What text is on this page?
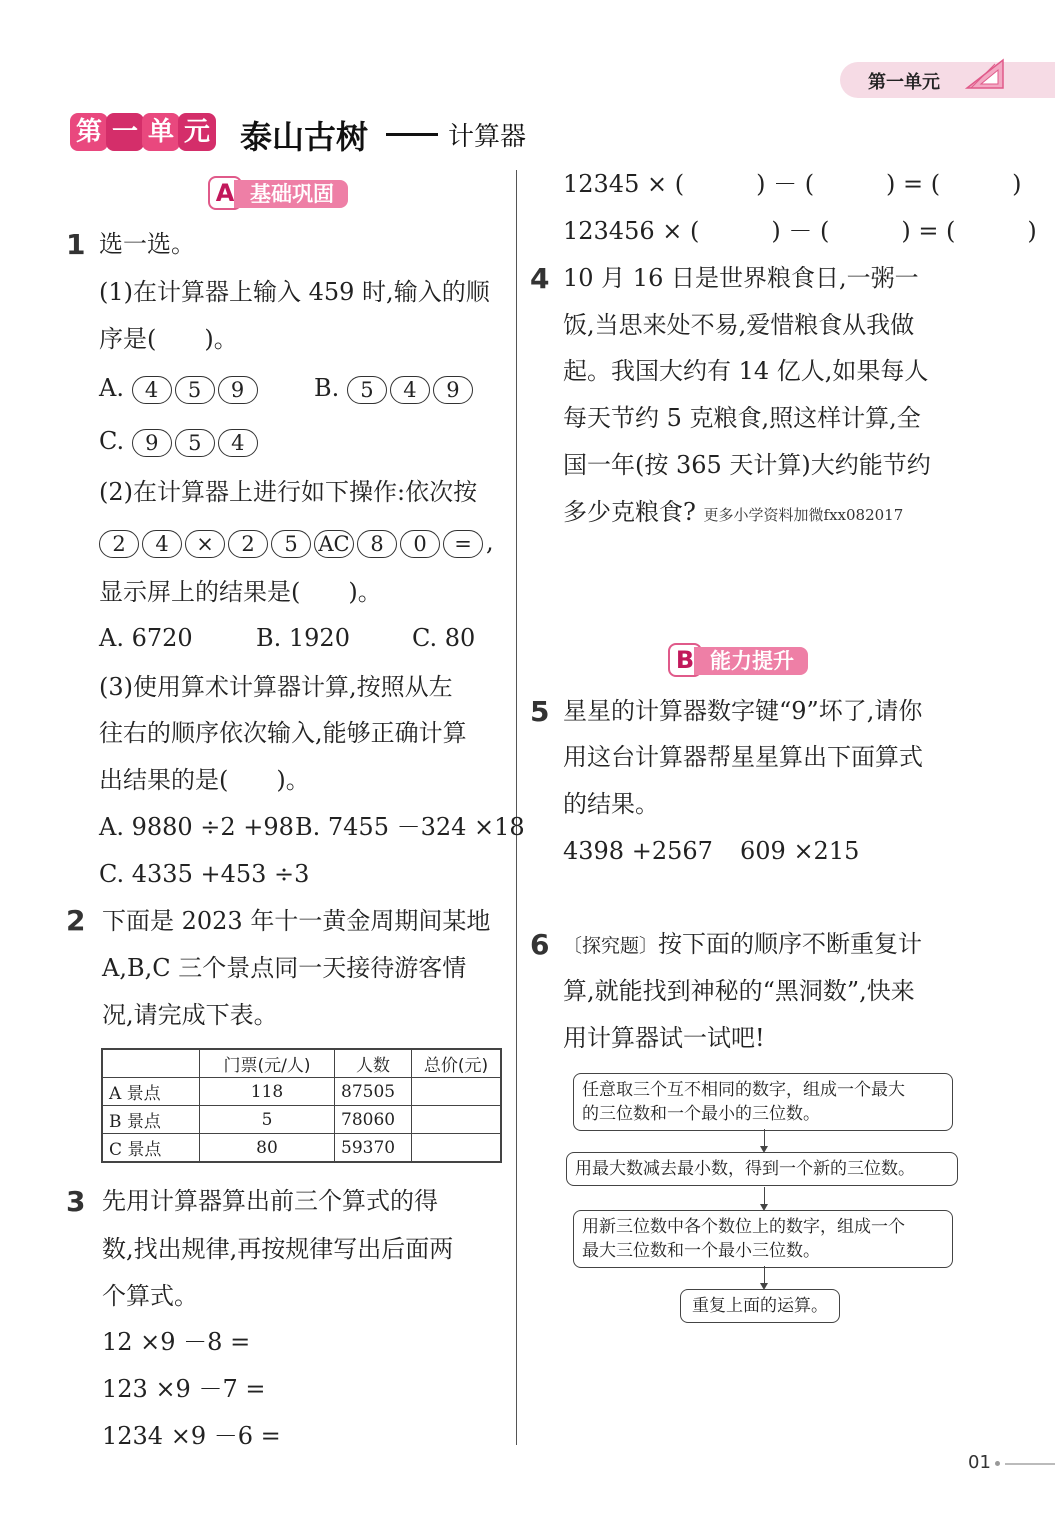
第一单元
第 一 单 元 泰山古树	计算器
A 基础巩固
1 选一选。
(1)在计算器上输入 459 时,输入的顺
序是(　　)。
A. 4 5 9	B. 5 4 9
C. 9 5 4
(2)在计算器上进行如下操作:依次按
2 4 × 2 5 AC 8 0 = ,
显示屏上的结果是(　　)。
A. 6720	B. 1920	C. 80
(3)使用算术计算器计算,按照从左
往右的顺序依次输入,能够正确计算
出结果的是(　　)。
A. 9880 ÷2 +98 B. 7455 －324 ×18
C. 4335 +453 ÷3
2 下面是 2023 年十一黄金周期间某地
A,B,C 三个景点同一天接待游客情
况,请完成下表。
	门票(元/人)	人数	总价(元)
A 景点	118	87505	
B 景点	5	78060	
C 景点	80	59370	
3 先用计算器算出前三个算式的得
数,找出规律,再按规律写出后面两
个算式。
12 ×9 －8 =
123 ×9 －7 =
1234 ×9 －6 =
12345 × (　　　) － (　　　) = (　　　)
123456 × (　　　) － (　　　) = (　　　)
4 10 月 16 日是世界粮食日,一粥一
饭,当思来处不易,爱惜粮食从我做
起。我国大约有 14 亿人,如果每人
每天节约 5 克粮食,照这样计算,全
国一年(按 365 天计算)大约能节约
多少克粮食? 更多小学资料加微fxx082017
B 能力提升
5 星星的计算器数字键“9”坏了,请你
用这台计算器帮星星算出下面算式
的结果。
4398 +2567 609 ×215
6 〔探究题〕按下面的顺序不断重复计
算,就能找到神秘的“黑洞数”,快来
用计算器试一试吧!
任意取三个互不相同的数字，组成一个最大
的三位数和一个最小的三位数。
用最大数减去最小数，得到一个新的三位数。
用新三位数中各个数位上的数字，组成一个
最大三位数和一个最小三位数。
重复上面的运算。
01
